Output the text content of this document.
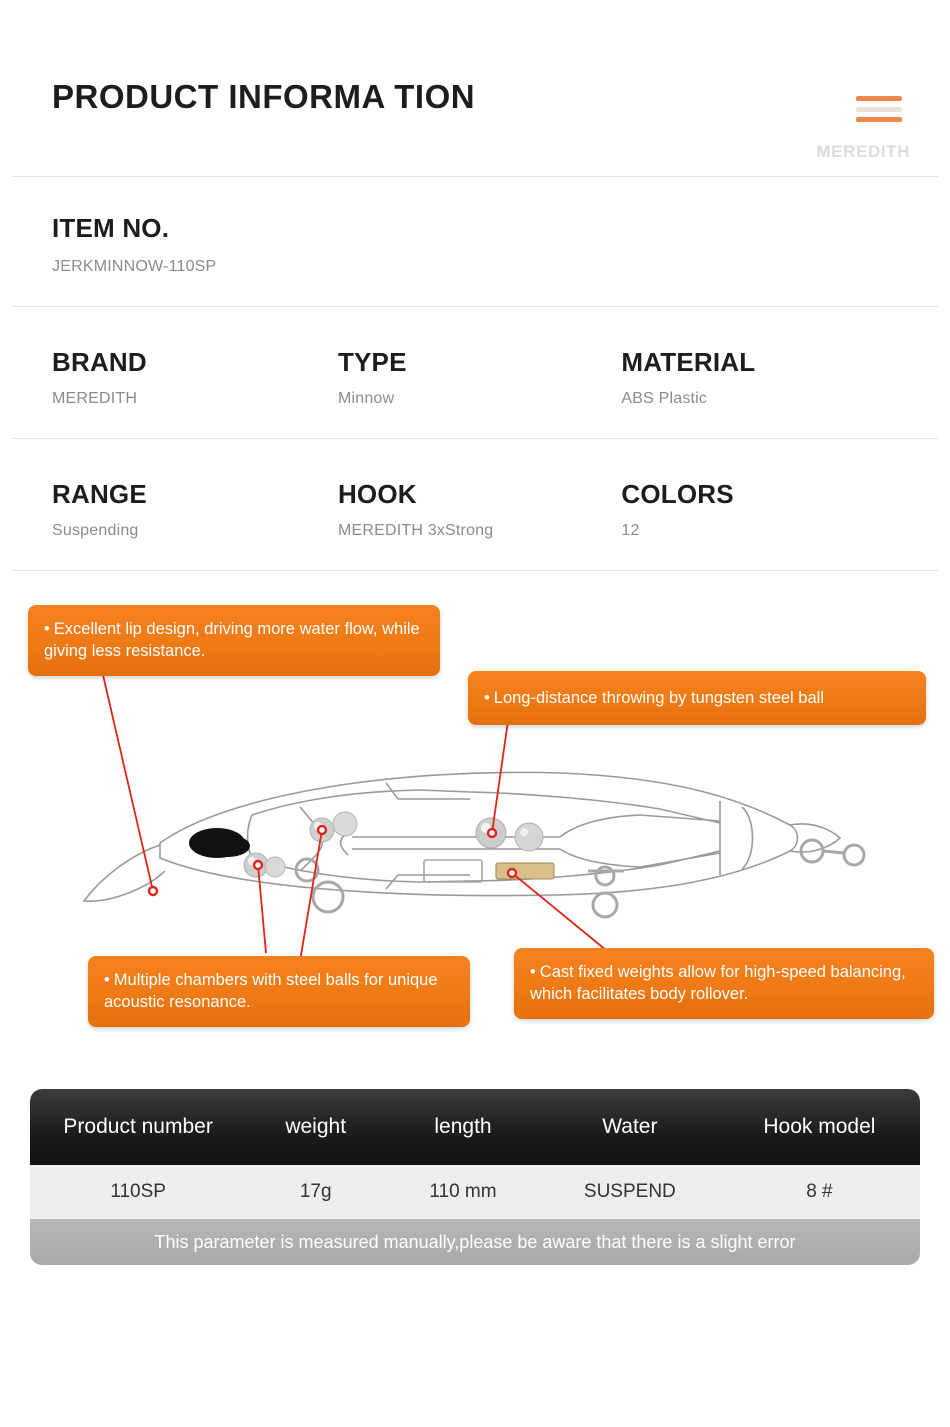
PRODUCT INFORMA TION
MEREDITH
ITEM NO.
JERKMINNOW-110SP
BRAND
MEREDITH
TYPE
Minnow
MATERIAL
ABS Plastic
RANGE
Suspending
HOOK
MEREDITH 3xStrong
COLORS
12
• Excellent lip design, driving more water flow, while giving less resistance.
• Long-distance throwing by tungsten steel ball
• Multiple chambers with steel balls for unique acoustic resonance.
• Cast fixed weights allow for high-speed balancing, which facilitates body rollover.
Product number	weight	length	Water	Hook model
110SP	17g	110 mm	SUSPEND	8 #
This parameter is measured manually,please be aware that there is a slight error
